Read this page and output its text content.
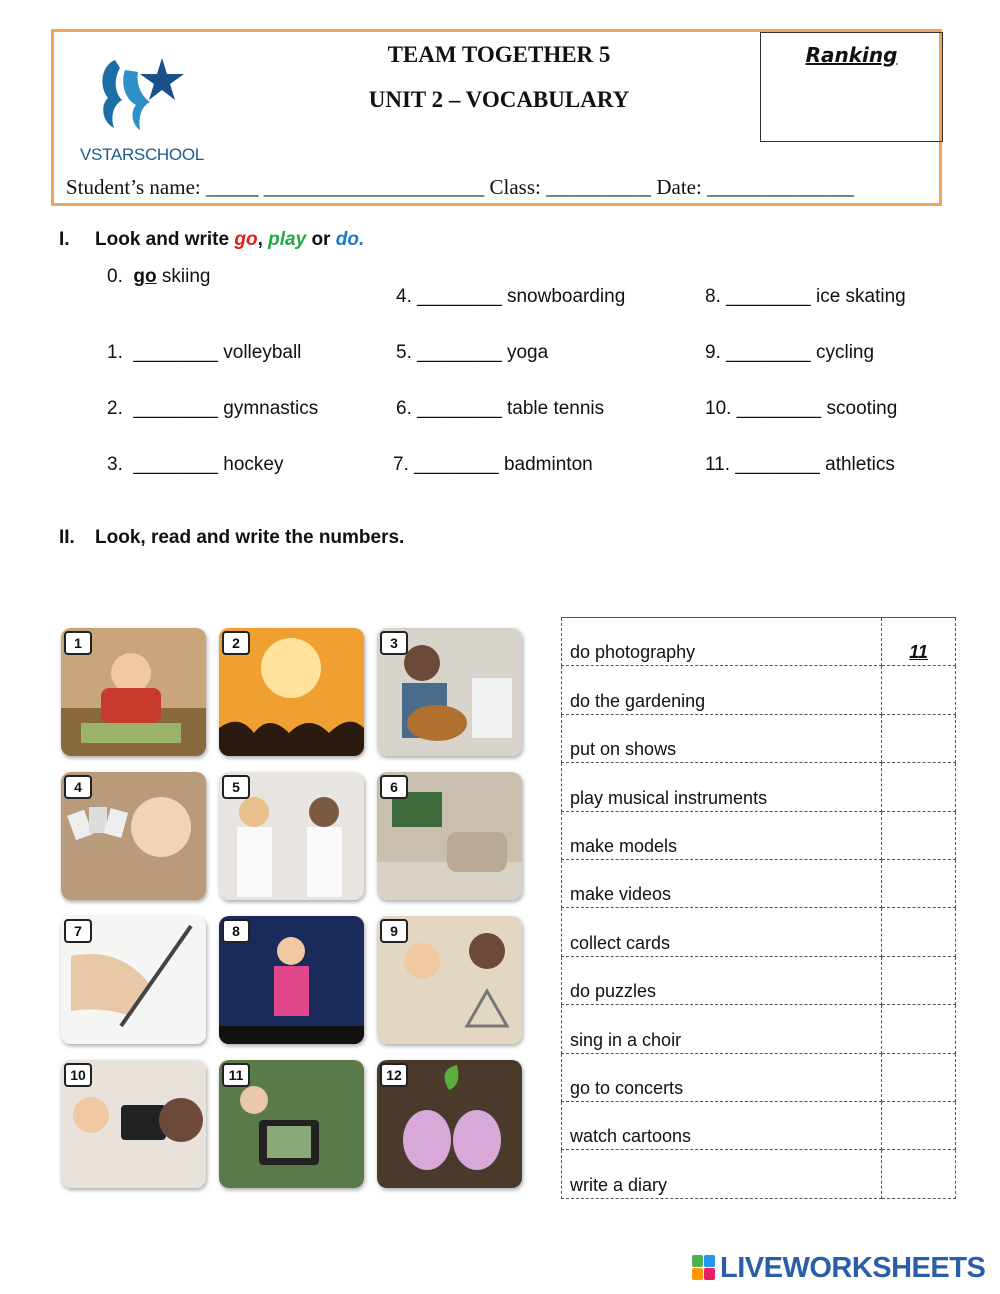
VSTARSCHOOL
TEAM TOGETHER 5
UNIT 2 – VOCABULARY
Ranking
Student’s name: _____ _____________________ Class: __________ Date: ______________
I. Look and write go, play or do.
0. go skiing
1. ________ volleyball
2. ________ gymnastics
3. ________ hockey
4. ________ snowboarding
5. ________ yoga
6. ________ table tennis
7. ________ badminton
8. ________ ice skating
9. ________ cycling
10. ________ scooting
11. ________ athletics
II. Look, read and write the numbers.
1	2	3
4	5	6
7	8	9
10	11	12
do photography	11
do the gardening	
put on shows	
play musical instruments	
make models	
make videos	
collect cards	
do puzzles	
sing in a choir	
go to concerts	
watch cartoons	
write a diary	
LIVEWORKSHEETS
